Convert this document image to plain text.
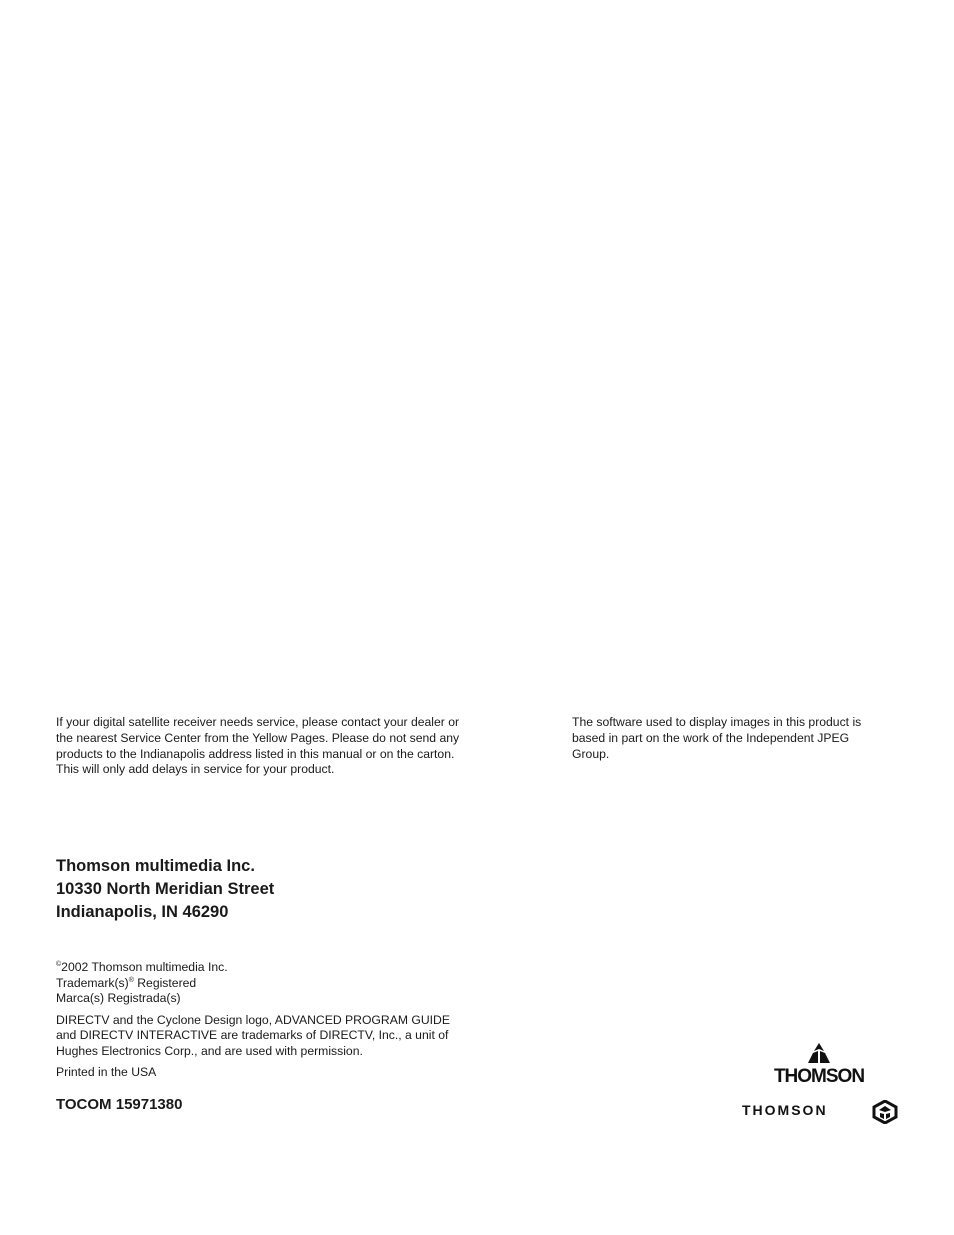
If your digital satellite receiver needs service, please contact your dealer or
the nearest Service Center from the Yellow Pages. Please do not send any
products to the Indianapolis address listed in this manual or on the carton.
This will only add delays in service for your product.
The software used to display images in this product is
based in part on the work of the Independent JPEG
Group.
Thomson multimedia Inc.
10330 North Meridian Street
Indianapolis, IN 46290
©2002 Thomson multimedia Inc.
Trademark(s)® Registered
Marca(s) Registrada(s)
DIRECTV and the Cyclone Design logo, ADVANCED PROGRAM GUIDE
and DIRECTV INTERACTIVE are trademarks of DIRECTV, Inc., a unit of
Hughes Electronics Corp., and are used with permission.
Printed in the USA
TOCOM 15971380
THOMSON
THOMSON
